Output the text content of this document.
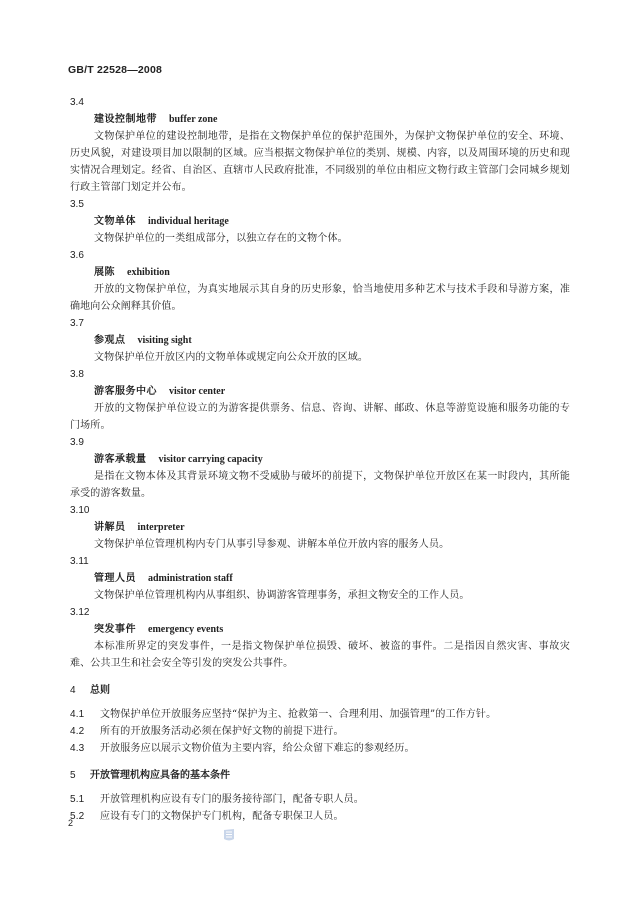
GB/T 22528—2008
3.4
建设控制地带 buffer zone
文物保护单位的建设控制地带，是指在文物保护单位的保护范围外，为保护文物保护单位的安全、环境、历史风貌，对建设项目加以限制的区域。应当根据文物保护单位的类别、规模、内容，以及周围环境的历史和现实情况合理划定。经省、自治区、直辖市人民政府批准，不同级别的单位由相应文物行政主管部门会同城乡规划行政主管部门划定并公布。
3.5
文物单体 individual heritage
文物保护单位的一类组成部分，以独立存在的文物个体。
3.6
展陈 exhibition
开放的文物保护单位，为真实地展示其自身的历史形象，恰当地使用多种艺术与技术手段和导游方案，准确地向公众阐释其价值。
3.7
参观点 visiting sight
文物保护单位开放区内的文物单体或规定向公众开放的区域。
3.8
游客服务中心 visitor center
开放的文物保护单位设立的为游客提供票务、信息、咨询、讲解、邮政、休息等游览设施和服务功能的专门场所。
3.9
游客承载量 visitor carrying capacity
是指在文物本体及其背景环境文物不受威胁与破坏的前提下，文物保护单位开放区在某一时段内，其所能承受的游客数量。
3.10
讲解员 interpreter
文物保护单位管理机构内专门从事引导参观、讲解本单位开放内容的服务人员。
3.11
管理人员 administration staff
文物保护单位管理机构内从事组织、协调游客管理事务，承担文物安全的工作人员。
3.12
突发事件 emergency events
本标准所界定的突发事件，一是指文物保护单位损毁、破坏、被盗的事件。二是指因自然灾害、事故灾难、公共卫生和社会安全等引发的突发公共事件。
4 总则
4.1 文物保护单位开放服务应坚持“保护为主、抢救第一、合理利用、加强管理”的工作方针。
4.2 所有的开放服务活动必须在保护好文物的前提下进行。
4.3 开放服务应以展示文物价值为主要内容，给公众留下难忘的参观经历。
5 开放管理机构应具备的基本条件
5.1 开放管理机构应设有专门的服务接待部门，配备专职人员。
5.2 应设有专门的文物保护专门机构，配备专职保卫人员。
2
